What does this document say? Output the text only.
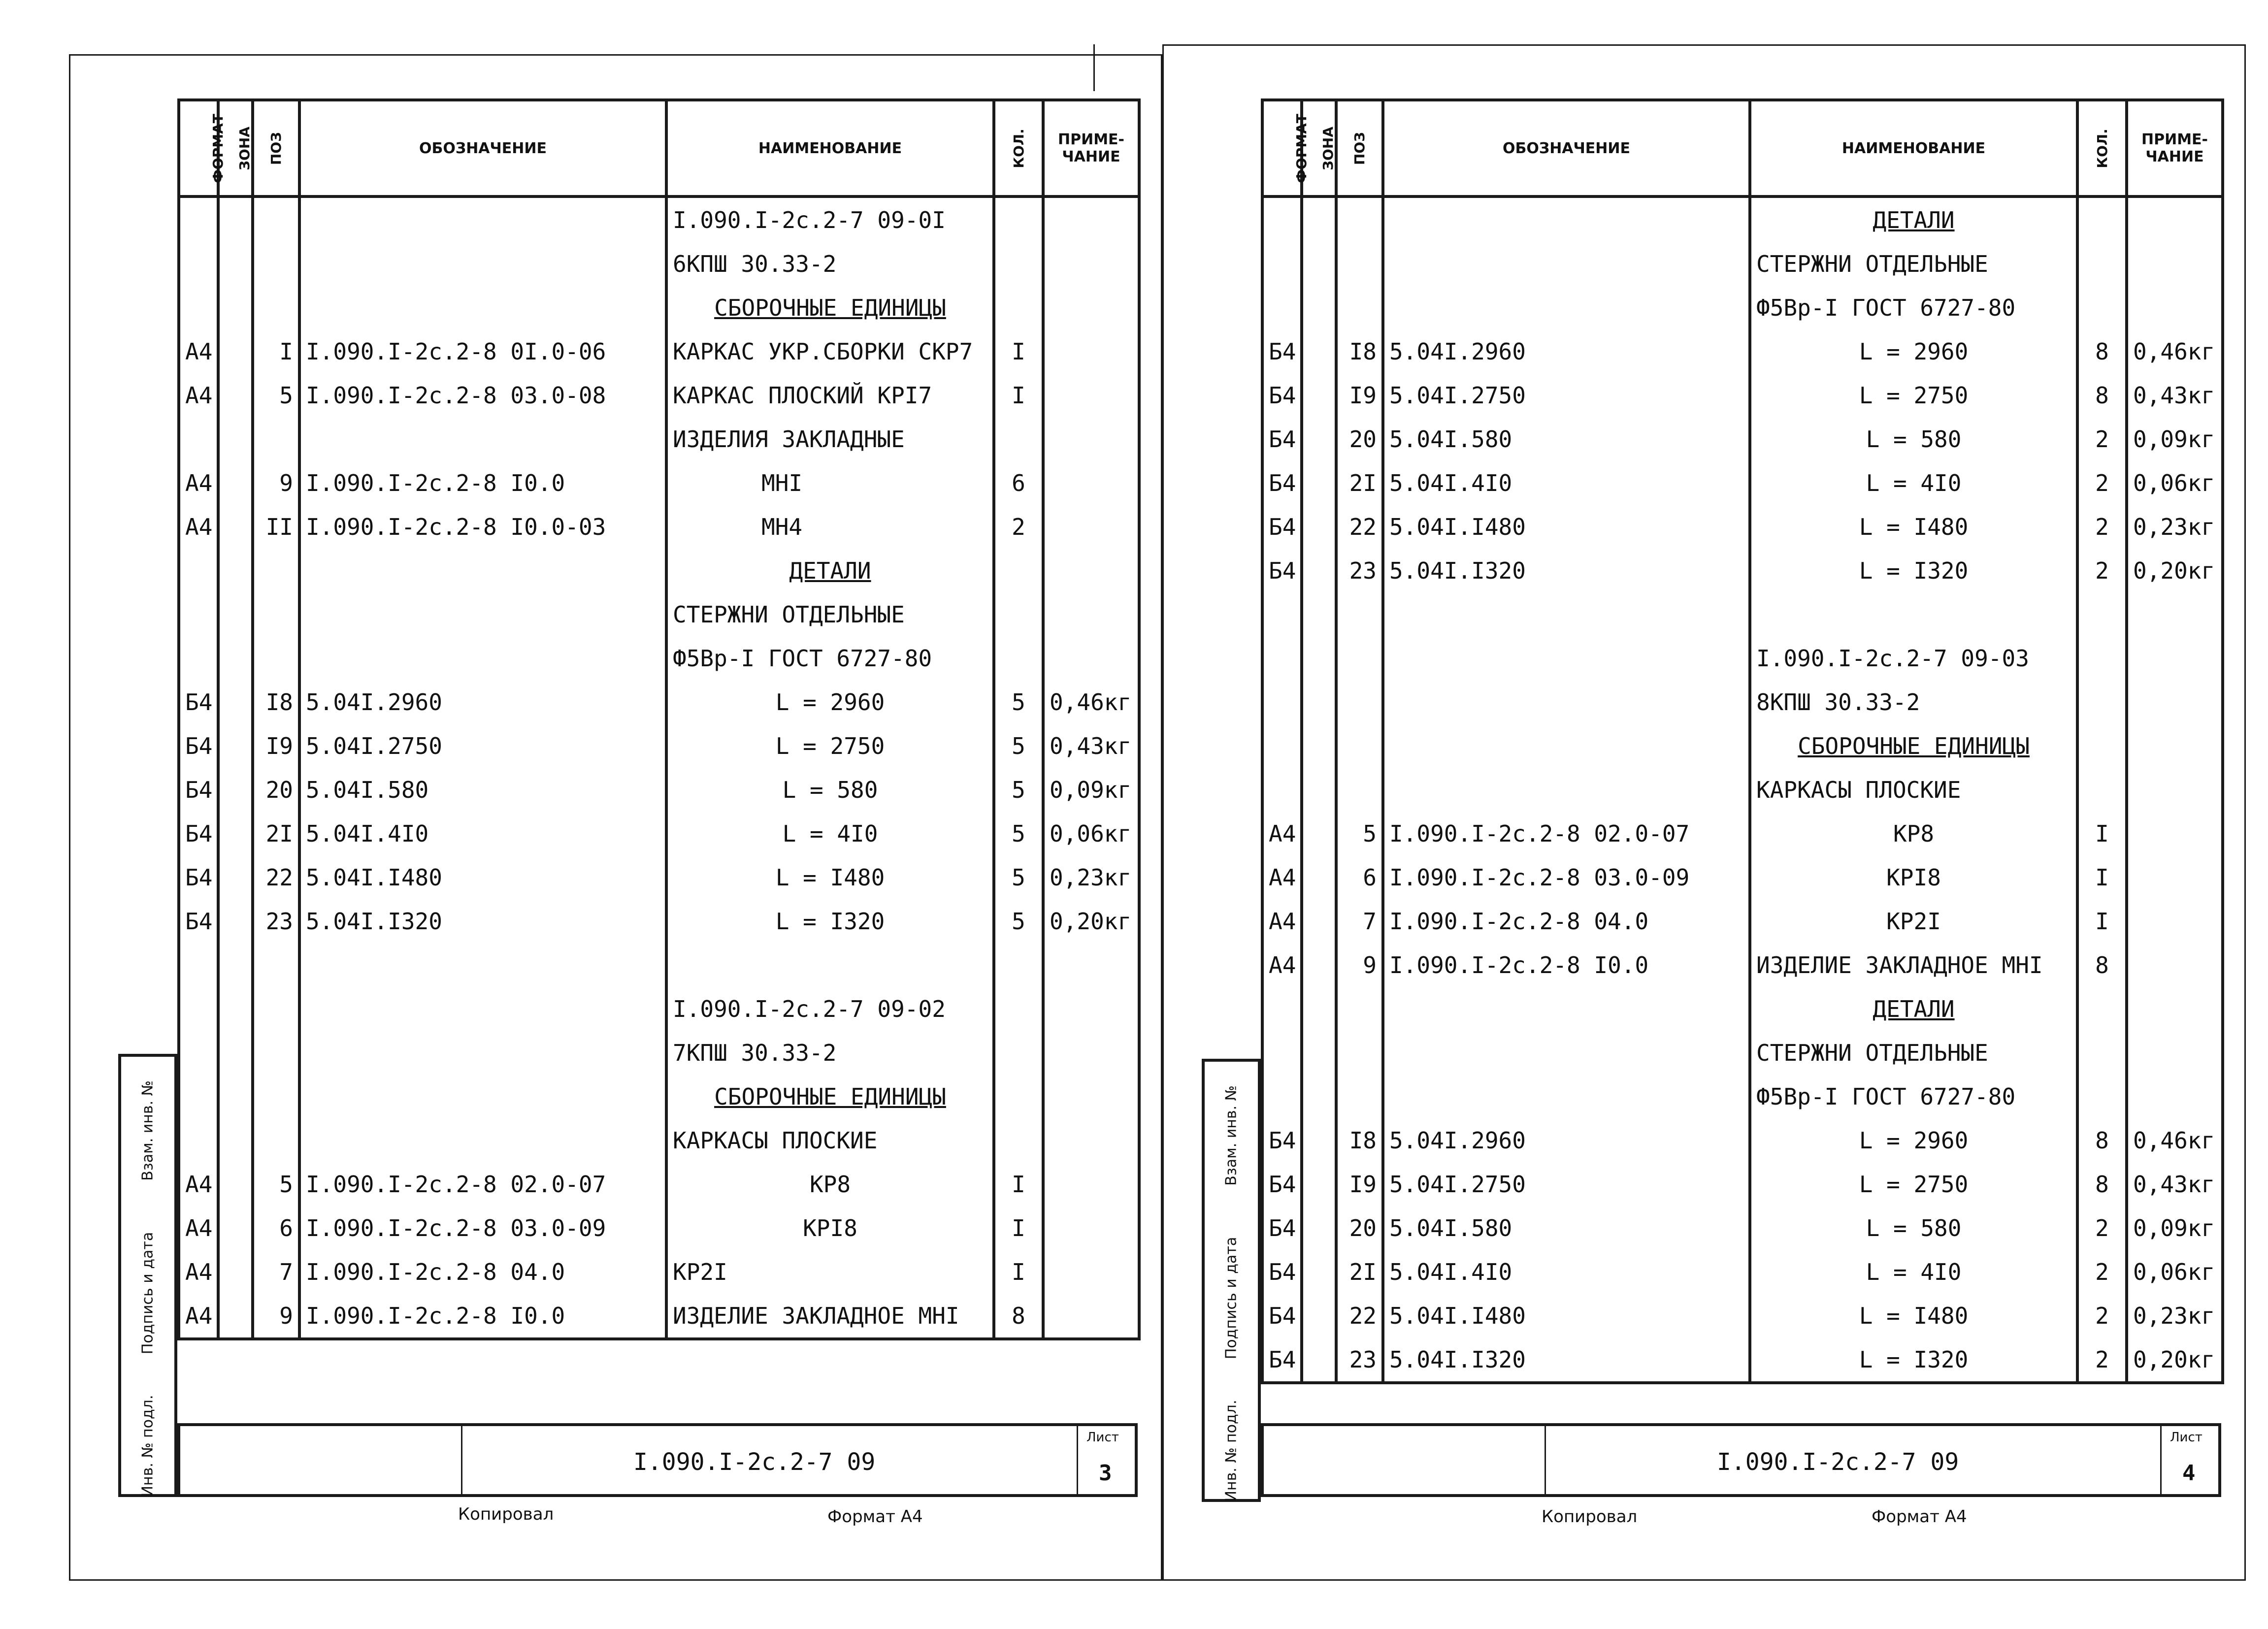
ФОРМАТ	ЗОНА	ПОЗ	ОБОЗНАЧЕНИЕ	НАИМЕНОВАНИЕ	КОЛ.	ПРИМЕ-ЧАНИЕ
				I.090.I-2c.2-7 09-0I		
				6КПШ 30.33-2		
				СБОРОЧНЫЕ ЕДИНИЦЫ		
А4		I	I.090.I-2c.2-8 0I.0-06	КАРКАС УКР.СБОРКИ СКР7	I	
А4		5	I.090.I-2c.2-8 03.0-08	КАРКАС ПЛОСКИЙ КРI7	I	
				ИЗДЕЛИЯ ЗАКЛАДНЫЕ		
А4		9	I.090.I-2c.2-8 I0.0	МНI	6	
А4		II	I.090.I-2c.2-8 I0.0-03	МН4	2	
				ДЕТАЛИ		
				СТЕРЖНИ ОТДЕЛЬНЫЕ		
				Ф5Вр-I ГОСТ 6727-80		
Б4		I8	5.04I.2960	L = 2960	5	0,46кг
Б4		I9	5.04I.2750	L = 2750	5	0,43кг
Б4		20	5.04I.580	L = 580	5	0,09кг
Б4		2I	5.04I.4I0	L = 4I0	5	0,06кг
Б4		22	5.04I.I480	L = I480	5	0,23кг
Б4		23	5.04I.I320	L = I320	5	0,20кг

				I.090.I-2c.2-7 09-02		
				7КПШ 30.33-2		
				СБОРОЧНЫЕ ЕДИНИЦЫ		
				КАРКАСЫ ПЛОСКИЕ		
А4		5	I.090.I-2c.2-8 02.0-07	КР8	I	
А4		6	I.090.I-2c.2-8 03.0-09	КРI8	I	
А4		7	I.090.I-2c.2-8 04.0	КР2I	I	
А4		9	I.090.I-2c.2-8 I0.0	ИЗДЕЛИЕ ЗАКЛАДНОЕ МНI	8	
Взам. инв. №
Подпись и дата
Инв. № подл.	I.090.I-2c.2-7 09
Лист
3
Копировал	Формат А4
ФОРМАТ	ЗОНА	ПОЗ	ОБОЗНАЧЕНИЕ	НАИМЕНОВАНИЕ	КОЛ.	ПРИМЕ-ЧАНИЕ
				ДЕТАЛИ		
				СТЕРЖНИ ОТДЕЛЬНЫЕ		
				Ф5Вр-I ГОСТ 6727-80		
Б4		I8	5.04I.2960	L = 2960	8	0,46кг
Б4		I9	5.04I.2750	L = 2750	8	0,43кг
Б4		20	5.04I.580	L = 580	2	0,09кг
Б4		2I	5.04I.4I0	L = 4I0	2	0,06кг
Б4		22	5.04I.I480	L = I480	2	0,23кг
Б4		23	5.04I.I320	L = I320	2	0,20кг

				I.090.I-2c.2-7 09-03		
				8КПШ 30.33-2		
				СБОРОЧНЫЕ ЕДИНИЦЫ		
				КАРКАСЫ ПЛОСКИЕ		
А4		5	I.090.I-2c.2-8 02.0-07	КР8	I	
А4		6	I.090.I-2c.2-8 03.0-09	КРI8	I	
А4		7	I.090.I-2c.2-8 04.0	КР2I	I	
А4		9	I.090.I-2c.2-8 I0.0	ИЗДЕЛИЕ ЗАКЛАДНОЕ МНI	8	
				ДЕТАЛИ		
				СТЕРЖНИ ОТДЕЛЬНЫЕ		
				Ф5Вр-I ГОСТ 6727-80		
Б4		I8	5.04I.2960	L = 2960	8	0,46кг
Б4		I9	5.04I.2750	L = 2750	8	0,43кг
Б4		20	5.04I.580	L = 580	2	0,09кг
Б4		2I	5.04I.4I0	L = 4I0	2	0,06кг
Б4		22	5.04I.I480	L = I480	2	0,23кг
Б4		23	5.04I.I320	L = I320	2	0,20кг
Взам. инв. №
Подпись и дата
Инв. № подл.	I.090.I-2c.2-7 09
Лист
4
Копировал	Формат А4
